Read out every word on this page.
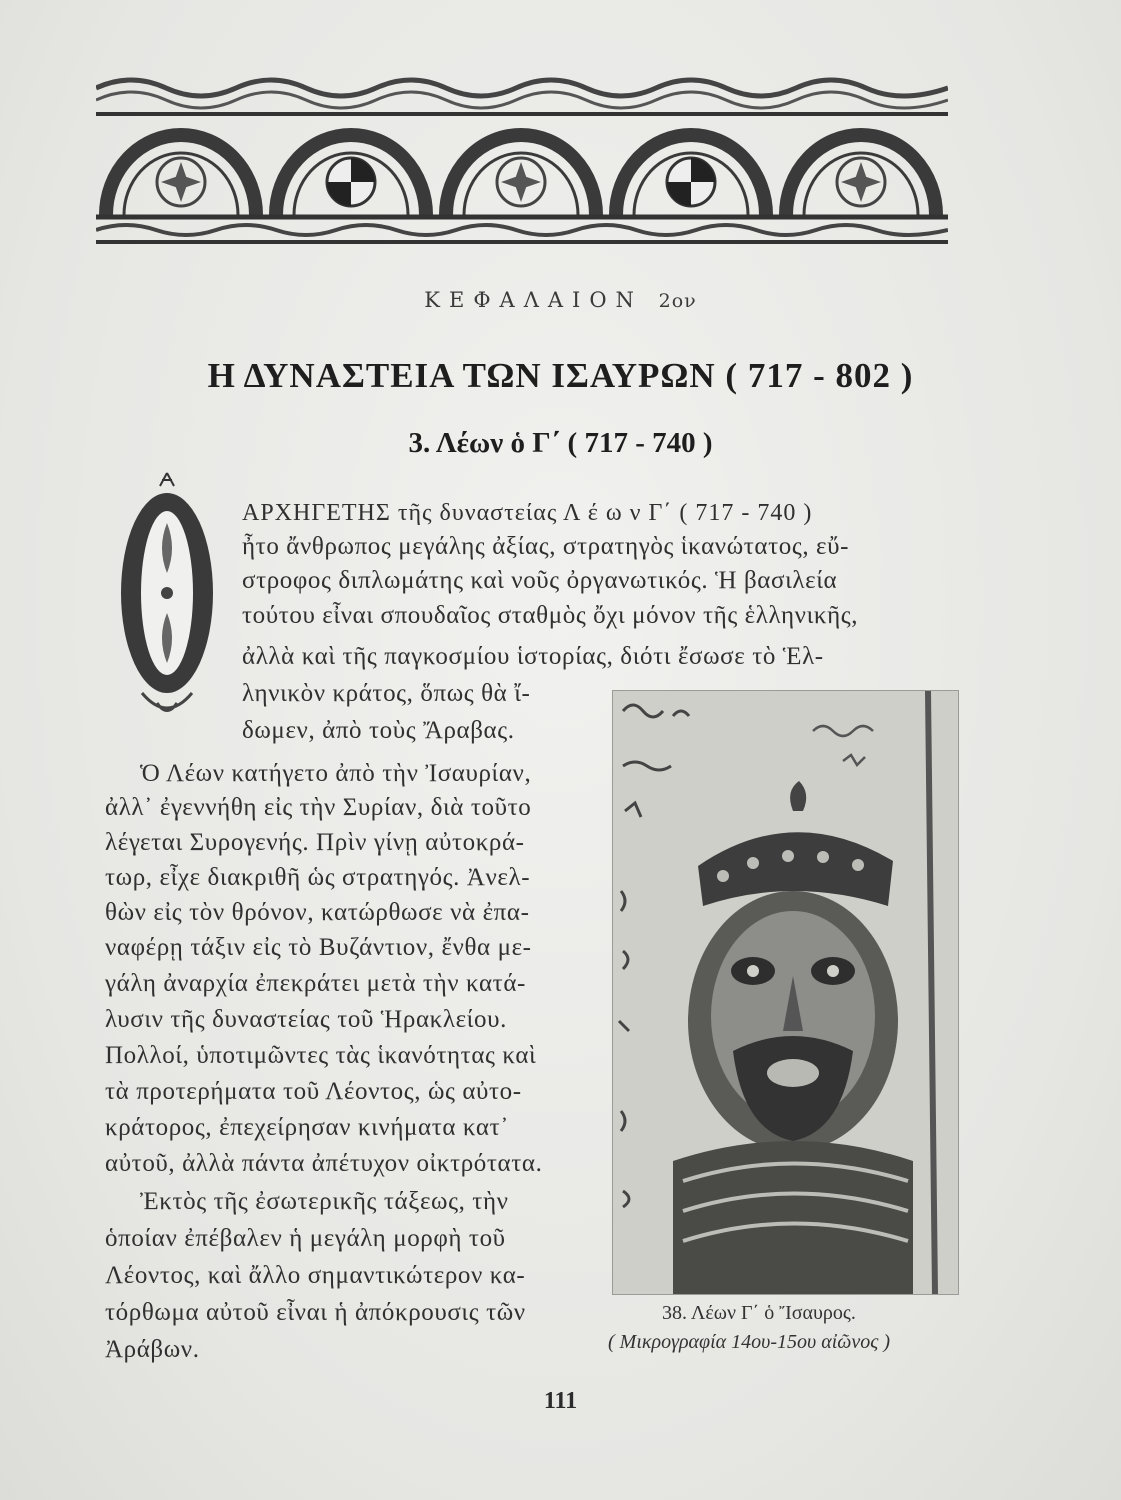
ΚΕΦΑΛΑΙΟΝ 2ον
Η ΔΥΝΑΣΤΕΙΑ ΤΩΝ ΙΣΑΥΡΩΝ ( 717 - 802 )
3. Λέων ὁ Γ΄ ( 717 - 740 )
ΑΡΧΗΓΕΤΗΣ τῆς δυναστείας Λ έ ω ν Γ΄ ( 717 - 740 )
ἦτο ἄνθρωπος μεγάλης ἀξίας, στρατηγὸς ἱκανώτατος, εὔ-
στροφος διπλωμάτης καὶ νοῦς ὀργανωτικός. Ἡ βασιλεία
τούτου εἶναι σπουδαῖος σταθμὸς ὄχι μόνον τῆς ἑλληνικῆς,
ἀλλὰ καὶ τῆς παγκοσμίου ἱστορίας, διότι ἔσωσε τὸ Ἑλ-
ληνικὸν κράτος, ὅπως θὰ ἴ-
δωμεν, ἀπὸ τοὺς Ἄραβας.
Ὁ Λέων κατήγετο ἀπὸ τὴν Ἰσαυρίαν,
ἀλλ᾽ ἐγεννήθη εἰς τὴν Συρίαν, διὰ τοῦτο
λέγεται Συρογενής. Πρὶν γίνῃ αὐτοκρά-
τωρ, εἶχε διακριθῆ ὡς στρατηγός. Ἀνελ-
θὼν εἰς τὸν θρόνον, κατώρθωσε νὰ ἐπα-
ναφέρῃ τάξιν εἰς τὸ Βυζάντιον, ἔνθα με-
γάλη ἀναρχία ἐπεκράτει μετὰ τὴν κατά-
λυσιν τῆς δυναστείας τοῦ Ἡρακλείου.
Πολλοί, ὑποτιμῶντες τὰς ἱκανότητας καὶ
τὰ προτερήματα τοῦ Λέοντος, ὡς αὐτο-
κράτορος, ἐπεχείρησαν κινήματα κατ᾽
αὐτοῦ, ἀλλὰ πάντα ἀπέτυχον οἰκτρότατα.
Ἐκτὸς τῆς ἐσωτερικῆς τάξεως, τὴν
ὁποίαν ἐπέβαλεν ἡ μεγάλη μορφὴ τοῦ
Λέοντος, καὶ ἄλλο σημαντικώτερον κα-
τόρθωμα αὐτοῦ εἶναι ἡ ἀπόκρουσις τῶν
Ἀράβων.
38. Λέων Γ΄ ὁ Ἴσαυρος.
( Μικρογραφία 14ου-15ου αἰῶνος )
111
